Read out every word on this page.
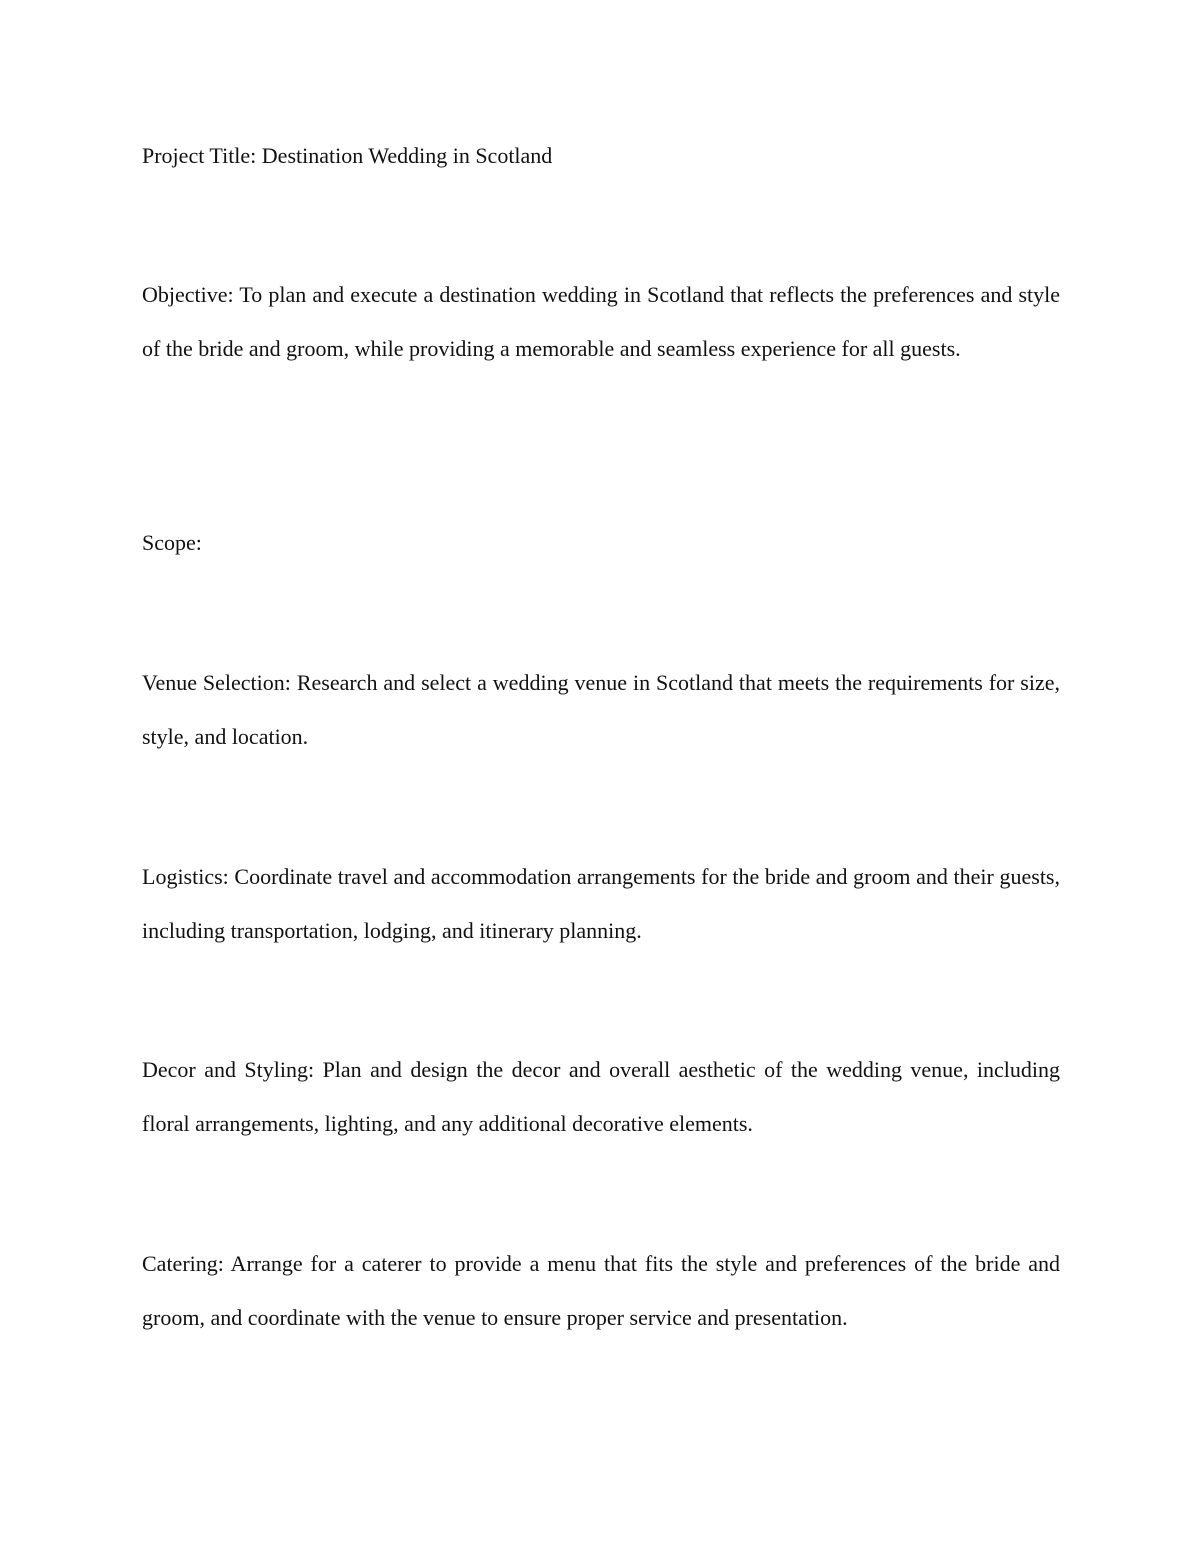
Project Title: Destination Wedding in Scotland

Objective: To plan and execute a destination wedding in Scotland that reflects the preferences and style of the bride and groom, while providing a memorable and seamless experience for all guests.

Scope:

Venue Selection: Research and select a wedding venue in Scotland that meets the requirements for size, style, and location.

Logistics: Coordinate travel and accommodation arrangements for the bride and groom and their guests, including transportation, lodging, and itinerary planning.

Decor and Styling: Plan and design the decor and overall aesthetic of the wedding venue, including floral arrangements, lighting, and any additional decorative elements.

Catering: Arrange for a caterer to provide a menu that fits the style and preferences of the bride and groom, and coordinate with the venue to ensure proper service and presentation.
